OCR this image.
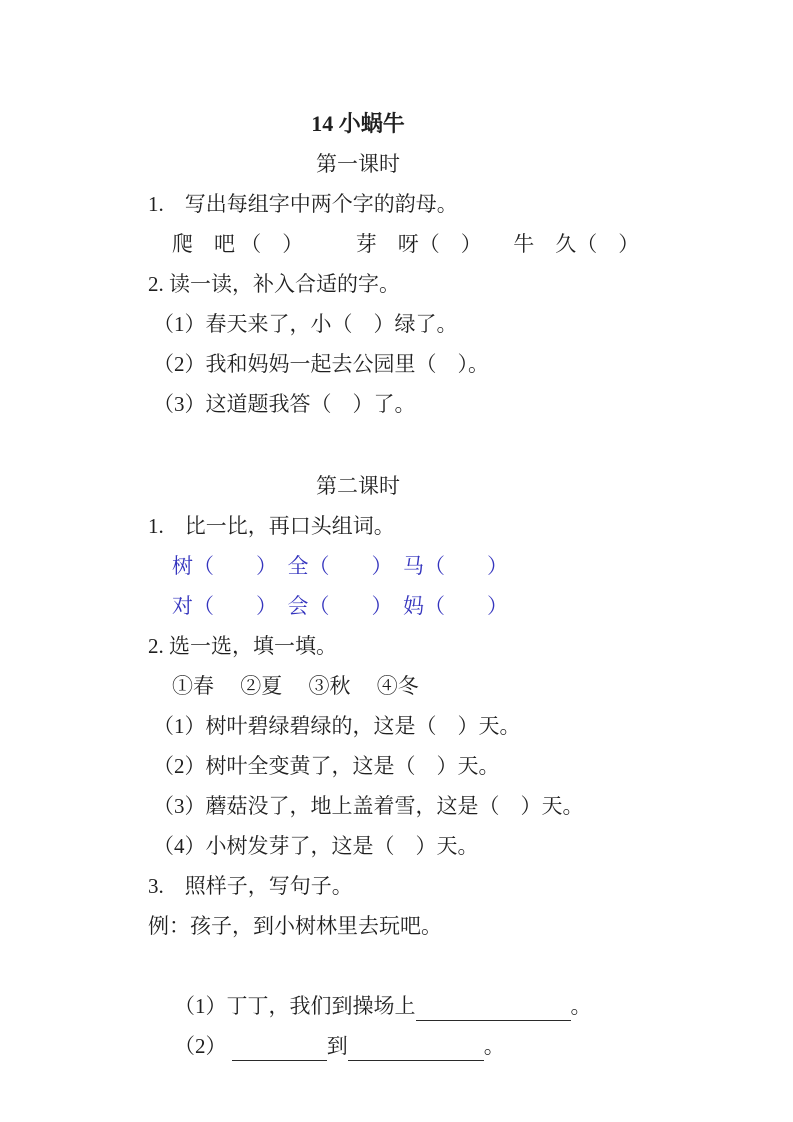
14 小蜗牛
第一课时
1.　写出每组字中两个字的韵母。
爬　吧 （　）　　　芽　呀（　）　　牛　久（　）
2. 读一读，补入合适的字。
（1）春天来了，小（　）绿了。
（2）我和妈妈一起去公园里（　）。
（3）这道题我答（　）了。
第二课时
1.　比一比，再口头组词。
树（　　）　全（　　）　马（　　）
对（　　）　会（　　）　妈（　　）
2. 选一选，填一填。
①春　 ②夏　 ③秋　 ④冬
（1）树叶碧绿碧绿的，这是（　）天。
（2）树叶全变黄了，这是（　）天。
（3）蘑菇没了，地上盖着雪，这是（　）天。
（4）小树发芽了，这是（　）天。
3.　照样子，写句子。
例：孩子，到小树林里去玩吧。

（1）丁丁，我们到操场上	。

（2）	到	。
